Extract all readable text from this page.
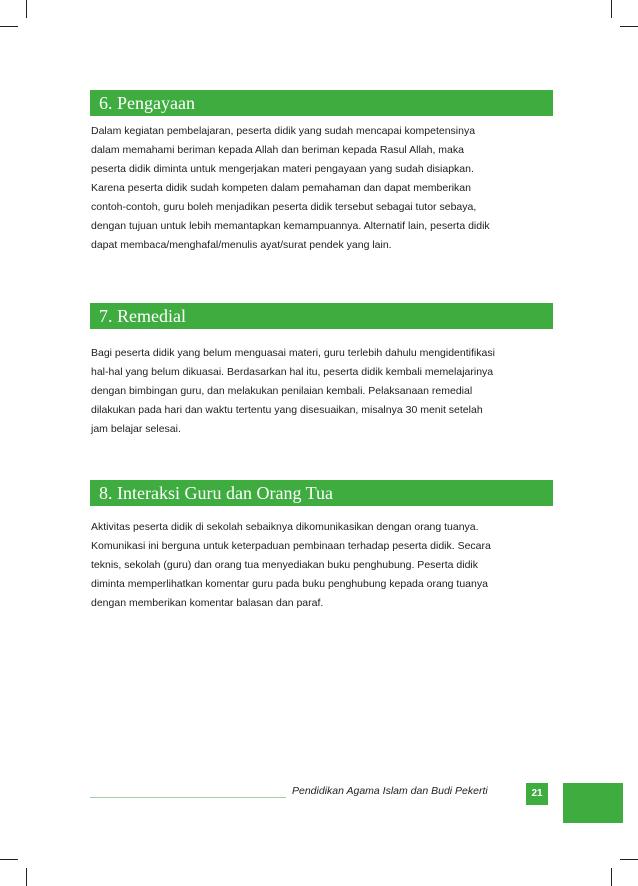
6. Pengayaan
Dalam kegiatan pembelajaran, peserta didik yang sudah mencapai kompetensinya
dalam memahami beriman kepada Allah dan beriman kepada Rasul Allah, maka
peserta didik diminta untuk mengerjakan materi pengayaan yang sudah disiapkan.
Karena peserta didik sudah kompeten dalam pemahaman dan dapat memberikan
contoh-contoh, guru boleh menjadikan peserta didik tersebut sebagai tutor sebaya,
dengan tujuan untuk lebih memantapkan kemampuannya. Alternatif lain, peserta didik
dapat membaca/menghafal/menulis ayat/surat pendek yang lain.
7. Remedial
Bagi peserta didik yang belum menguasai materi, guru terlebih dahulu mengidentifikasi
hal-hal yang belum dikuasai. Berdasarkan hal itu, peserta didik kembali memelajarinya
dengan bimbingan guru, dan melakukan penilaian kembali. Pelaksanaan remedial
dilakukan pada hari dan waktu tertentu yang disesuaikan, misalnya 30 menit setelah
jam belajar selesai.
8. Interaksi Guru dan Orang Tua
Aktivitas peserta didik di sekolah sebaiknya dikomunikasikan dengan orang tuanya.
Komunikasi ini berguna untuk keterpaduan pembinaan terhadap peserta didik. Secara
teknis, sekolah (guru) dan orang tua menyediakan buku penghubung. Peserta didik
diminta memperlihatkan komentar guru pada buku penghubung kepada orang tuanya
dengan memberikan komentar balasan dan paraf.
Pendidikan Agama Islam dan Budi Pekerti	21
